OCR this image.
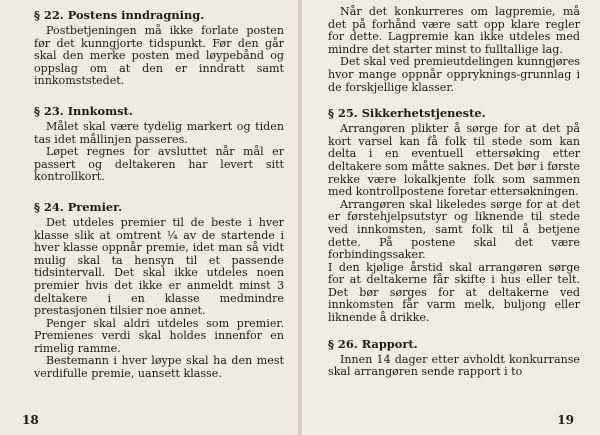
§ 22. Postens inndragning.

Postbetjeningen må ikke forlate posten før det kunngjorte tidspunkt. Før den går skal den merke posten med løypebånd og oppslag om at den er inndratt samt innkomststedet.

§ 23. Innkomst.

Målet skal være tydelig markert og tiden tas idet mållinjen passeres.

Løpet regnes for avsluttet når mål er passert og deltakeren har levert sitt kontrollkort.

§ 24. Premier.

Det utdeles premier til de beste i hver klasse slik at omtrent ¼ av de startende i hver klasse oppnår premie, idet man så vidt mulig skal ta hensyn til et passende tidsintervall. Det skal ikke utdeles noen premier hvis det ikke er anmeldt minst 3 deltakere i en klasse medmindre prestasjonen tilsier noe annet.

Penger skal aldri utdeles som premier. Premienes verdi skal holdes innenfor en rimelig ramme.

Bestemann i hver løype skal ha den mest verdifulle premie, uansett klasse.

18

Når det konkurreres om lagpremie, må det på forhånd være satt opp klare regler for dette. Lagpremie kan ikke utdeles med mindre det starter minst to fulltallige lag.

Det skal ved premieutdelingen kunngjøres hvor mange oppnår oppryknings-grunnlag i de forskjellige klasser.

§ 25. Sikkerhetstjeneste.

Arrangøren plikter å sørge for at det på kort varsel kan få folk til stede som kan delta i en eventuell ettersøking etter deltakere som måtte saknes. Det bør i første rekke være lokalkjente folk som sammen med kontrollpostene foretar ettersøkningen.

Arrangøren skal likeledes sørge for at det er førstehjelpsutstyr og liknende til stede ved innkomsten, samt folk til å betjene dette. På postene skal det være forbindingssaker.

I den kjølige årstid skal arrangøren sørge for at deltakerne får skifte i hus eller telt. Det bør sørges for at deltakerne ved innkomsten får varm melk, buljong eller liknende å drikke.

§ 26. Rapport.

Innen 14 dager etter avholdt konkurranse skal arrangøren sende rapport i to

19
